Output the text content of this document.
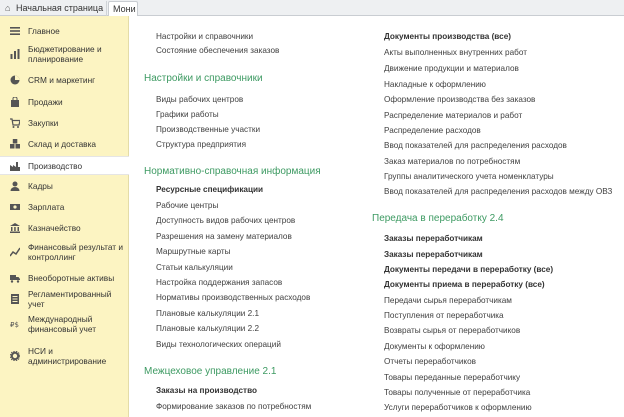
⌂ Начальная страница	Мони
Главное
Бюджетирование и планирование
CRM и маркетинг
Продажи
Закупки
Склад и доставка
Производство
Кадры
Зарплата
Казначейство
Финансовый результат и контроллинг
Внеоборотные активы
Регламентированный учет
₽$
Международный финансовый учет
НСИ и администрирование
Настройки и справочники
Состояние обеспечения заказов
Настройки и справочники
Виды рабочих центров
Графики работы
Производственные участки
Структура предприятия
Нормативно-справочная информация
Ресурсные спецификации
Рабочие центры
Доступность видов рабочих центров
Разрешения на замену материалов
Маршрутные карты
Статьи калькуляции
Настройка поддержания запасов
Нормативы производственных расходов
Плановые калькуляции 2.1
Плановые калькуляции 2.2
Виды технологических операций
Межцеховое управление 2.1
Заказы на производство
Формирование заказов по потребностям
Документы производства (все)
Акты выполненных внутренних работ
Движение продукции и материалов
Накладные к оформлению
Оформление производства без заказов
Распределение материалов и работ
Распределение расходов
Ввод показателей для распределения расходов
Заказ материалов по потребностям
Группы аналитического учета номенклатуры
Ввод показателей для распределения расходов между ОВЗ
Передача в переработку 2.4
Заказы переработчикам
Заказы переработчикам
Документы передачи в переработку (все)
Документы приема в переработку (все)
Передачи сырья переработчикам
Поступления от переработчика
Возвраты сырья от переработчиков
Документы к оформлению
Отчеты переработчиков
Товары переданные переработчику
Товары полученные от переработчика
Услуги переработчиков к оформлению
